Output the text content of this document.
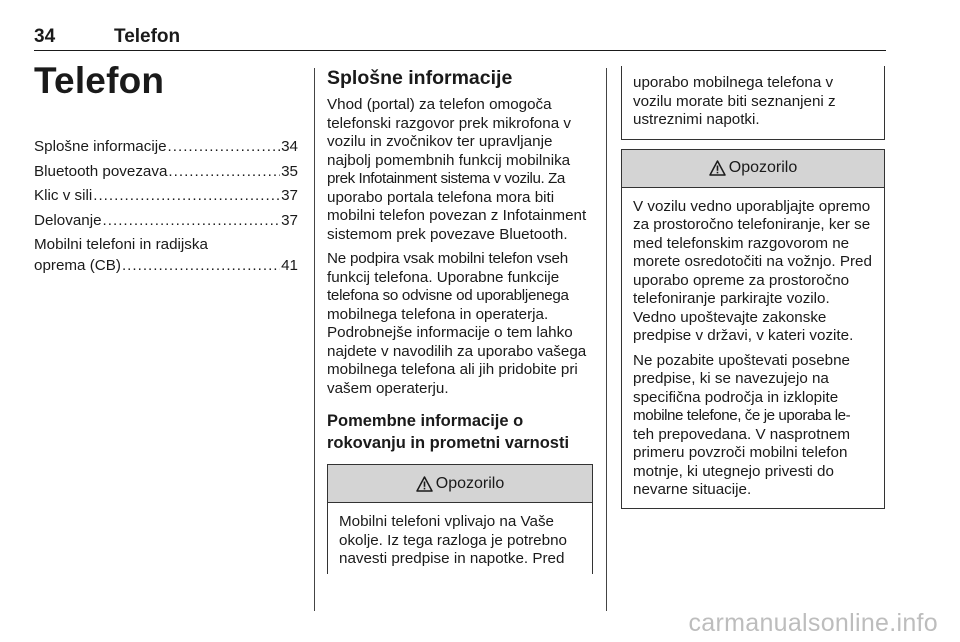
34	Telefon
Telefon
Splošne informacije .....	34
Bluetooth povezava .....	35
Klic v sili .....	37
Delovanje .....	37
Mobilni telefoni in radijska
oprema (CB) .....	41
Splošne informacije
Vhod (portal) za telefon omogoča telefonski razgovor prek mikrofona v vozilu in zvočnikov ter upravljanje najbolj pomembnih funkcij mobilnika
prek Infotainment sistema v vozilu. Za
uporabo portala telefona mora biti mobilni telefon povezan z Infotainment sistemom prek povezave Bluetooth.
Ne podpira vsak mobilni telefon vseh
funkcij telefona. Uporabne funkcije
telefona so odvisne od uporabljenega
mobilnega telefona in operaterja. Podrobnejše informacije o tem lahko najdete v navodilih za uporabo vašega mobilnega telefona ali jih pridobite pri vašem operaterju.
Pomembne informacije o rokovanju in prometni varnosti
Opozorilo
Mobilni telefoni vplivajo na Vaše okolje. Iz tega razloga je potrebno navesti predpise in napotke. Pred
uporabo mobilnega telefona v vozilu morate biti seznanjeni z ustreznimi napotki.
Opozorilo
V vozilu vedno uporabljajte opremo za prostoročno telefoniranje, ker se med telefonskim razgovorom ne morete osredotočiti na vožnjo. Pred uporabo opreme za prostoročno telefoniranje parkirajte vozilo. Vedno upoštevajte zakonske predpise v državi, v kateri vozite.
Ne pozabite upoštevati posebne predpise, ki se navezujejo na specifična področja in izklopite
mobilne telefone, če je uporaba le-
teh prepovedana. V nasprotnem primeru povzroči mobilni telefon motnje, ki utegnejo privesti do nevarne situacije.
carmanualsonline.info
